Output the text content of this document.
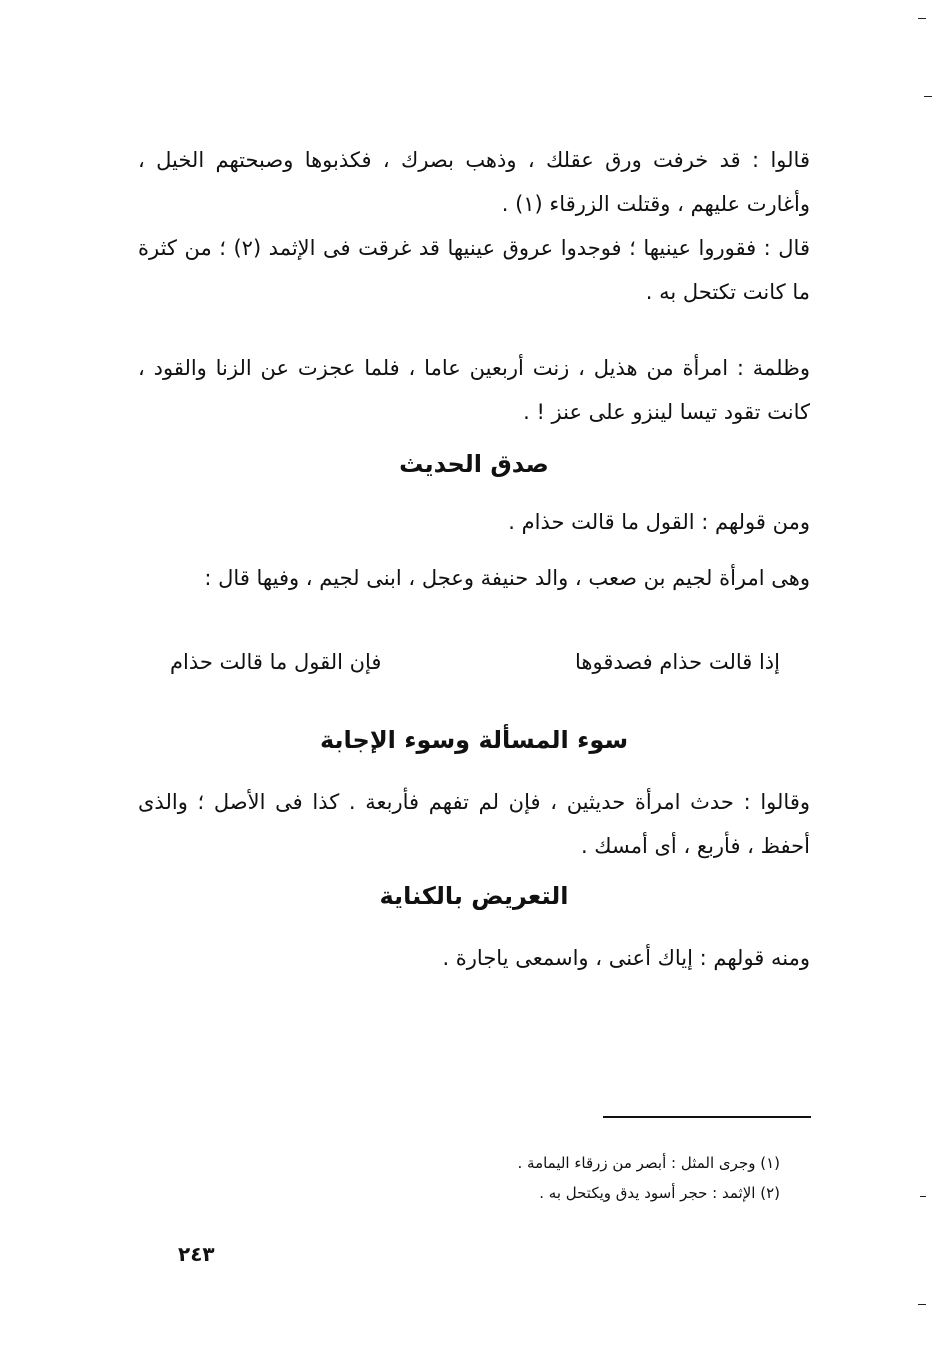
قالوا : قد خرفت ورق عقلك ، وذهب بصرك ، فكذبوها وصبحتهم الخيل ، وأغارت عليهم ، وقتلت الزرقاء (١) .
قال : فقوروا عينيها ؛ فوجدوا عروق عينيها قد غرقت فى الإثمد (٢) ؛ من كثرة ما كانت تكتحل به .
وظلمة : امرأة من هذيل ، زنت أربعين عاما ، فلما عجزت عن الزنا والقود ، كانت تقود تيسا لينزو على عنز ! .
صدق الحديث
ومن قولهم : القول ما قالت حذام .
وهى امرأة لجيم بن صعب ، والد حنيفة وعجل ، ابنى لجيم ، وفيها قال :
إذا قالت حذام فصدقوها
فإن القول ما قالت حذام
سوء المسألة وسوء الإجابة
وقالوا : حدث امرأة حديثين ، فإن لم تفهم فأربعة . كذا فى الأصل ؛ والذى أحفظ ، فأربع ، أى أمسك .
التعريض بالكناية
ومنه قولهم : إياك أعنى ، واسمعى ياجارة .
(١) وجرى المثل : أبصر من زرقاء اليمامة .
(٢) الإثمد : حجر أسود يدق ويكتحل به .
٢٤٣
